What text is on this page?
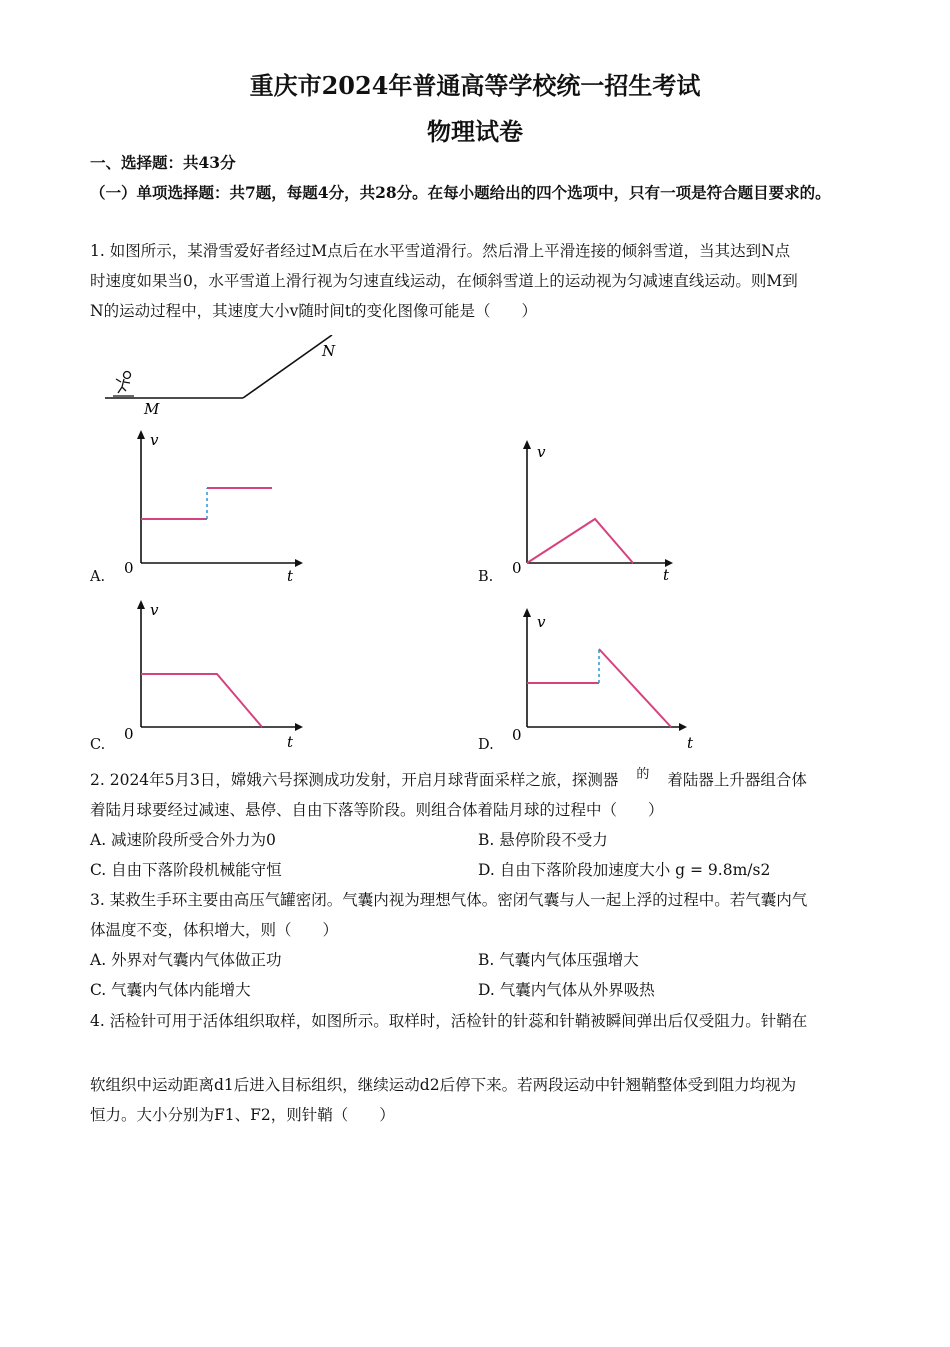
重庆市2024年普通高等学校统一招生考试
物理试卷
一、选择题：共43分
（一）单项选择题：共7题，每题4分，共28分。在每小题给出的四个选项中，只有一项是符合题目要求的。
1. 如图所示，某滑雪爱好者经过M点后在水平雪道滑行。然后滑上平滑连接的倾斜雪道，当其达到N点
时速度如果当0，水平雪道上滑行视为匀速直线运动，在倾斜雪道上的运动视为匀减速直线运动。则M到
N的运动过程中，其速度大小v随时间t的变化图像可能是（　　）
M
N
v
t
0
A.
v
t
0
B.
v
t
0
C.
v
t
0
D.
2. 2024年5月3日，嫦娥六号探测成功发射，开启月球背面采样之旅，探测器 $^的$ 着陆器上升器组合体
着陆月球要经过减速、悬停、自由下落等阶段。则组合体着陆月球的过程中（　　）
A. 减速阶段所受合外力为0	B. 悬停阶段不受力
C. 自由下落阶段机械能守恒	D. 自由下落阶段加速度大小 g = 9.8m/s2
3. 某救生手环主要由高压气罐密闭。气囊内视为理想气体。密闭气囊与人一起上浮的过程中。若气囊内气
体温度不变，体积增大，则（　　）
A. 外界对气囊内气体做正功	B. 气囊内气体压强增大
C. 气囊内气体内能增大	D. 气囊内气体从外界吸热
4. 活检针可用于活体组织取样，如图所示。取样时，活检针的针蕊和针鞘被瞬间弹出后仅受阻力。针鞘在
软组织中运动距离d1后进入目标组织，继续运动d2后停下来。若两段运动中针翘鞘整体受到阻力均视为
恒力。大小分别为F1、F2，则针鞘（　　）
